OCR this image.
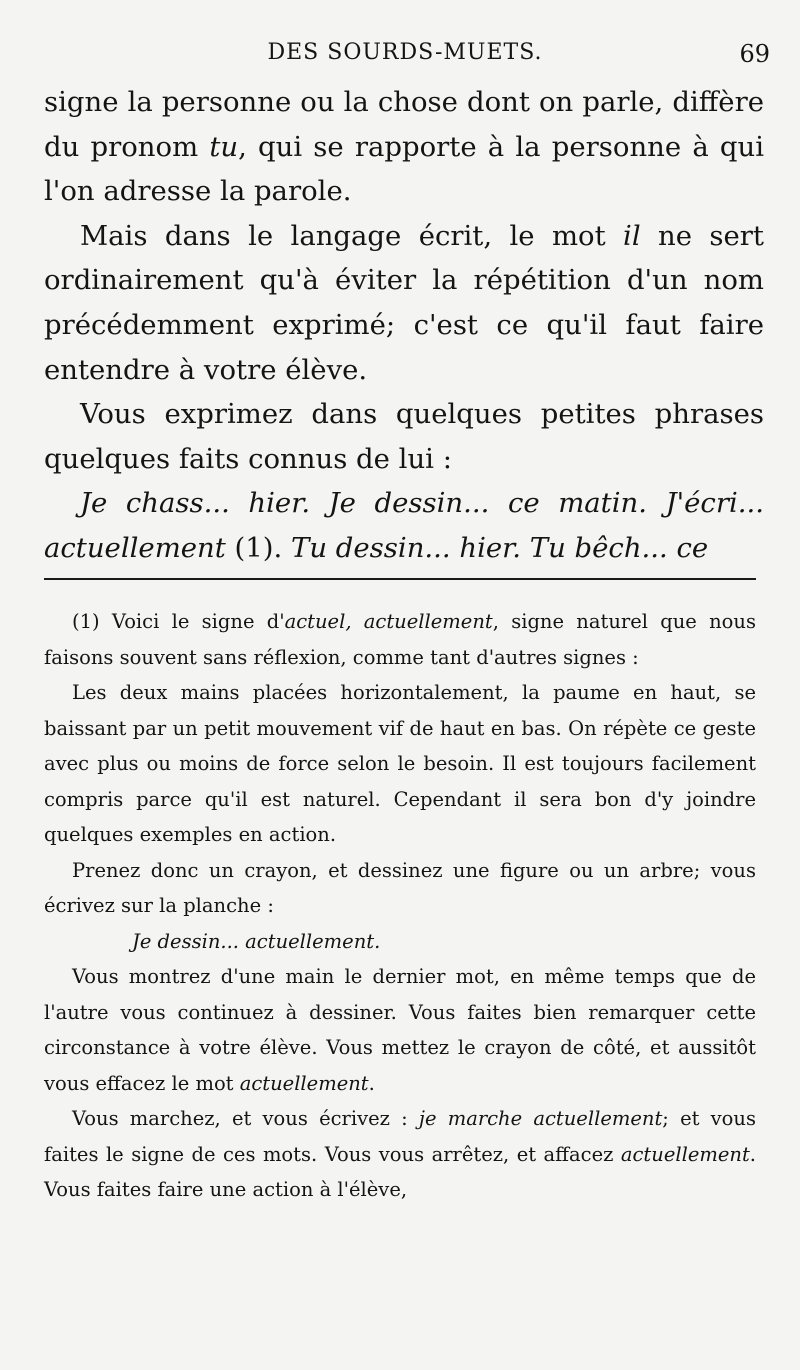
DES SOURDS-MUETS.	69

signe la personne ou la chose dont on parle, diffère du pronom tu, qui se rapporte à la personne à qui l'on adresse la parole.

Mais dans le langage écrit, le mot il ne sert ordinairement qu'à éviter la répétition d'un nom précédemment exprimé; c'est ce qu'il faut faire entendre à votre élève.

Vous exprimez dans quelques petites phrases quelques faits connus de lui :

Je chass... hier. Je dessin... ce matin. J'écri... actuellement (1). Tu dessin... hier. Tu bêch... ce

(1) Voici le signe d'actuel, actuellement, signe naturel que nous faisons souvent sans réflexion, comme tant d'autres signes :

Les deux mains placées horizontalement, la paume en haut, se baissant par un petit mouvement vif de haut en bas. On répète ce geste avec plus ou moins de force selon le besoin. Il est toujours facilement compris parce qu'il est naturel. Cependant il sera bon d'y joindre quelques exemples en action.

Prenez donc un crayon, et dessinez une figure ou un arbre; vous écrivez sur la planche :

Je dessin... actuellement.

Vous montrez d'une main le dernier mot, en même temps que de l'autre vous continuez à dessiner. Vous faites bien remarquer cette circonstance à votre élève. Vous mettez le crayon de côté, et aussitôt vous effacez le mot actuellement.

Vous marchez, et vous écrivez : je marche actuellement; et vous faites le signe de ces mots. Vous vous arrêtez, et affacez actuellement. Vous faites faire une action à l'élève,
